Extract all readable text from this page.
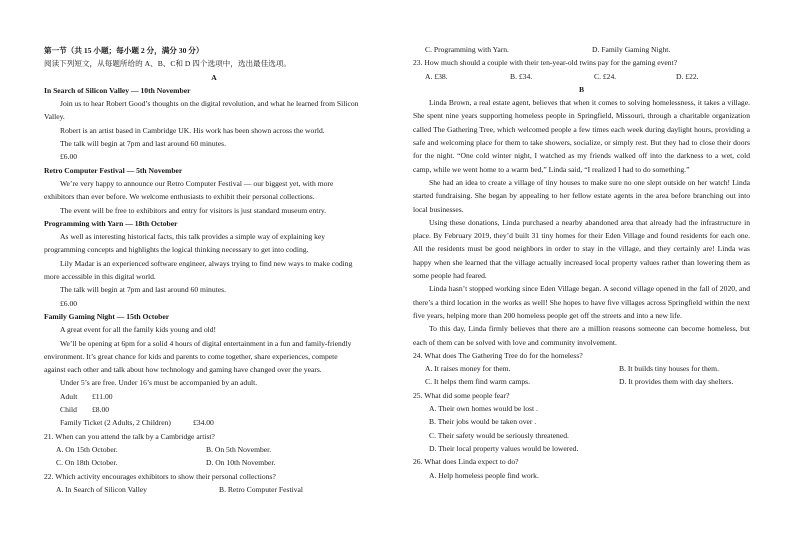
第一节（共 15 小题；每小题 2 分，满分 30 分）

阅读下列短文，从每题所给的 A、B、C和 D 四个选项中，选出最佳选项。

A

In Search of Silicon Valley — 10th November

Join us to hear Robert Good’s thoughts on the digital revolution, and what he learned from Silicon

Valley.

Robert is an artist based in Cambridge UK. His work has been shown across the world.

The talk will begin at 7pm and last around 60 minutes.

£6.00

Retro Computer Festival — 5th November

We’re very happy to announce our Retro Computer Festival — our biggest yet, with more

exhibitors than ever before. We welcome enthusiasts to exhibit their personal collections.

The event will be free to exhibitors and entry for visitors is just standard museum entry.

Programming with Yarn — 18th October

As well as interesting historical facts, this talk provides a simple way of explaining key

programming concepts and highlights the logical thinking necessary to get into coding.

Lily Madar is an experienced software engineer, always trying to find new ways to make coding

more accessible in this digital world.

The talk will begin at 7pm and last around 60 minutes.

£6.00

Family Gaming Night — 15th October

A great event for all the family kids young and old!

We’ll be opening at 6pm for a solid 4 hours of digital entertainment in a fun and family-friendly

environment. It’s great chance for kids and parents to come together, share experiences, compete

against each other and talk about how technology and gaming have changed over the years.

Under 5’s are free. Under 16’s must be accompanied by an adult.

Adult	£11.00
Child	£8.00
Family Ticket (2 Adults, 2 Children)	£34.00

21. When can you attend the talk by a Cambridge artist?

A. On 15th October.	B. On 5th November.
C. On 18th October.	D. On 10th November.

22. Which activity encourages exhibitors to show their personal collections?

A. In Search of Silicon Valley	B. Retro Computer Festival
C. Programming with Yarn.	D. Family Gaming Night.

23. How much should a couple with their ten-year-old twins pay for the gaming event?

A. £38.	B. £34.	C. £24.	D. £22.

B

Linda Brown, a real estate agent, believes that when it comes to solving homelessness, it takes a village. She spent nine years supporting homeless people in Springfield, Missouri, through a charitable organization called The Gathering Tree, which welcomed people a few times each week during daylight hours, providing a safe and welcoming place for them to take showers, socialize, or simply rest. But they had to close their doors for the night. “One cold winter night, I watched as my friends walked off into the darkness to a wet, cold camp, while we went home to a warm bed,” Linda said, “I realized I had to do something.”

She had an idea to create a village of tiny houses to make sure no one slept outside on her watch! Linda started fundraising. She began by appealing to her fellow estate agents in the area before branching out into local businesses.

Using these donations, Linda purchased a nearby abandoned area that already had the infrastructure in place. By February 2019, they’d built 31 tiny homes for their Eden Village and found residents for each one. All the residents must be good neighbors in order to stay in the village, and they certainly are! Linda was happy when she learned that the village actually increased local property values rather than lowering them as some people had feared.

Linda hasn’t stopped working since Eden Village began. A second village opened in the fall of 2020, and there’s a third location in the works as well! She hopes to have five villages across Springfield within the next five years, helping more than 200 homeless people get off the streets and into a new life.

To this day, Linda firmly believes that there are a million reasons someone can become homeless, but each of them can be solved with love and community involvement.

24. What does The Gathering Tree do for the homeless?

A. It raises money for them.	B. It builds tiny houses for them.
C. It helps them find warm camps.	D. It provides them with day shelters.

25. What did some people fear?

A. Their own homes would be lost .

B. Their jobs would be taken over .

C. Their safety would be seriously threatened.

D. Their local property values would be lowered.

26. What does Linda expect to do?

A. Help homeless people find work.
